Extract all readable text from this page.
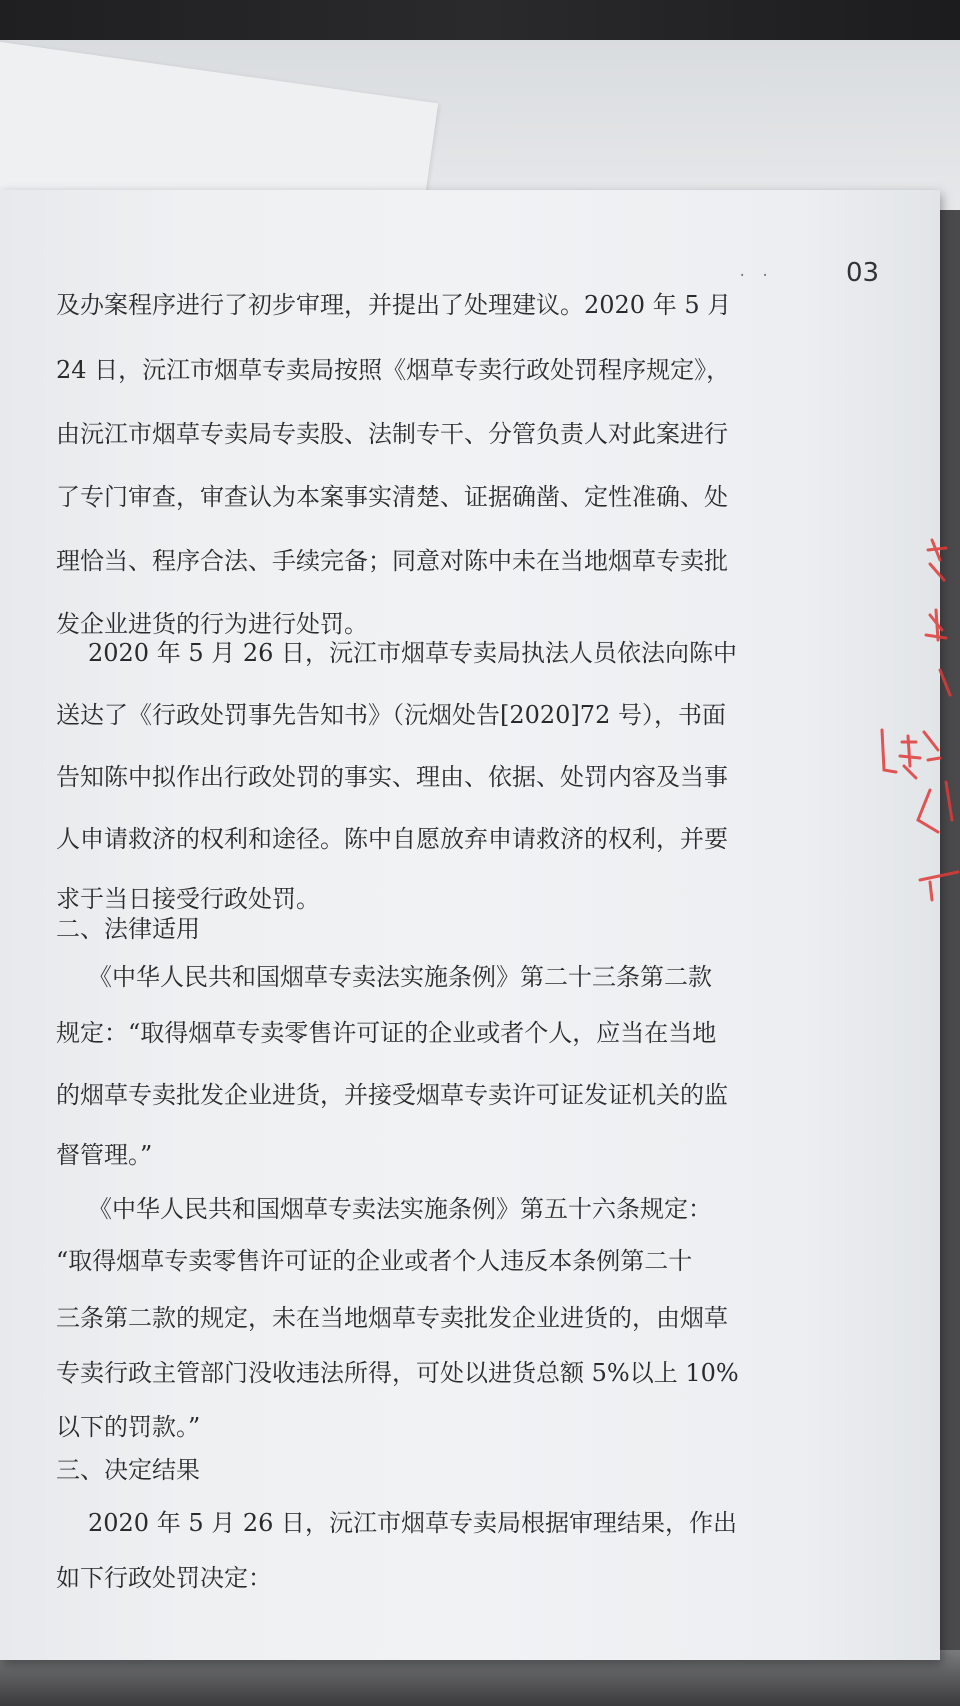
· ·	03
及办案程序进行了初步审理，并提出了处理建议。2020 年 5 月
24 日，沅江市烟草专卖局按照《烟草专卖行政处罚程序规定》，
由沅江市烟草专卖局专卖股、法制专干、分管负责人对此案进行
了专门审查，审查认为本案事实清楚、证据确凿、定性准确、处
理恰当、程序合法、手续完备；同意对陈中未在当地烟草专卖批
发企业进货的行为进行处罚。
2020 年 5 月 26 日，沅江市烟草专卖局执法人员依法向陈中
送达了《行政处罚事先告知书》（沅烟处告[2020]72 号），书面
告知陈中拟作出行政处罚的事实、理由、依据、处罚内容及当事
人申请救济的权利和途径。陈中自愿放弃申请救济的权利，并要
求于当日接受行政处罚。
二、法律适用
《中华人民共和国烟草专卖法实施条例》第二十三条第二款
规定：“取得烟草专卖零售许可证的企业或者个人，应当在当地
的烟草专卖批发企业进货，并接受烟草专卖许可证发证机关的监
督管理。”
《中华人民共和国烟草专卖法实施条例》第五十六条规定：
“取得烟草专卖零售许可证的企业或者个人违反本条例第二十
三条第二款的规定，未在当地烟草专卖批发企业进货的，由烟草
专卖行政主管部门没收违法所得，可处以进货总额 5%以上 10%
以下的罚款。”
三、决定结果
2020 年 5 月 26 日，沅江市烟草专卖局根据审理结果，作出
如下行政处罚决定：
